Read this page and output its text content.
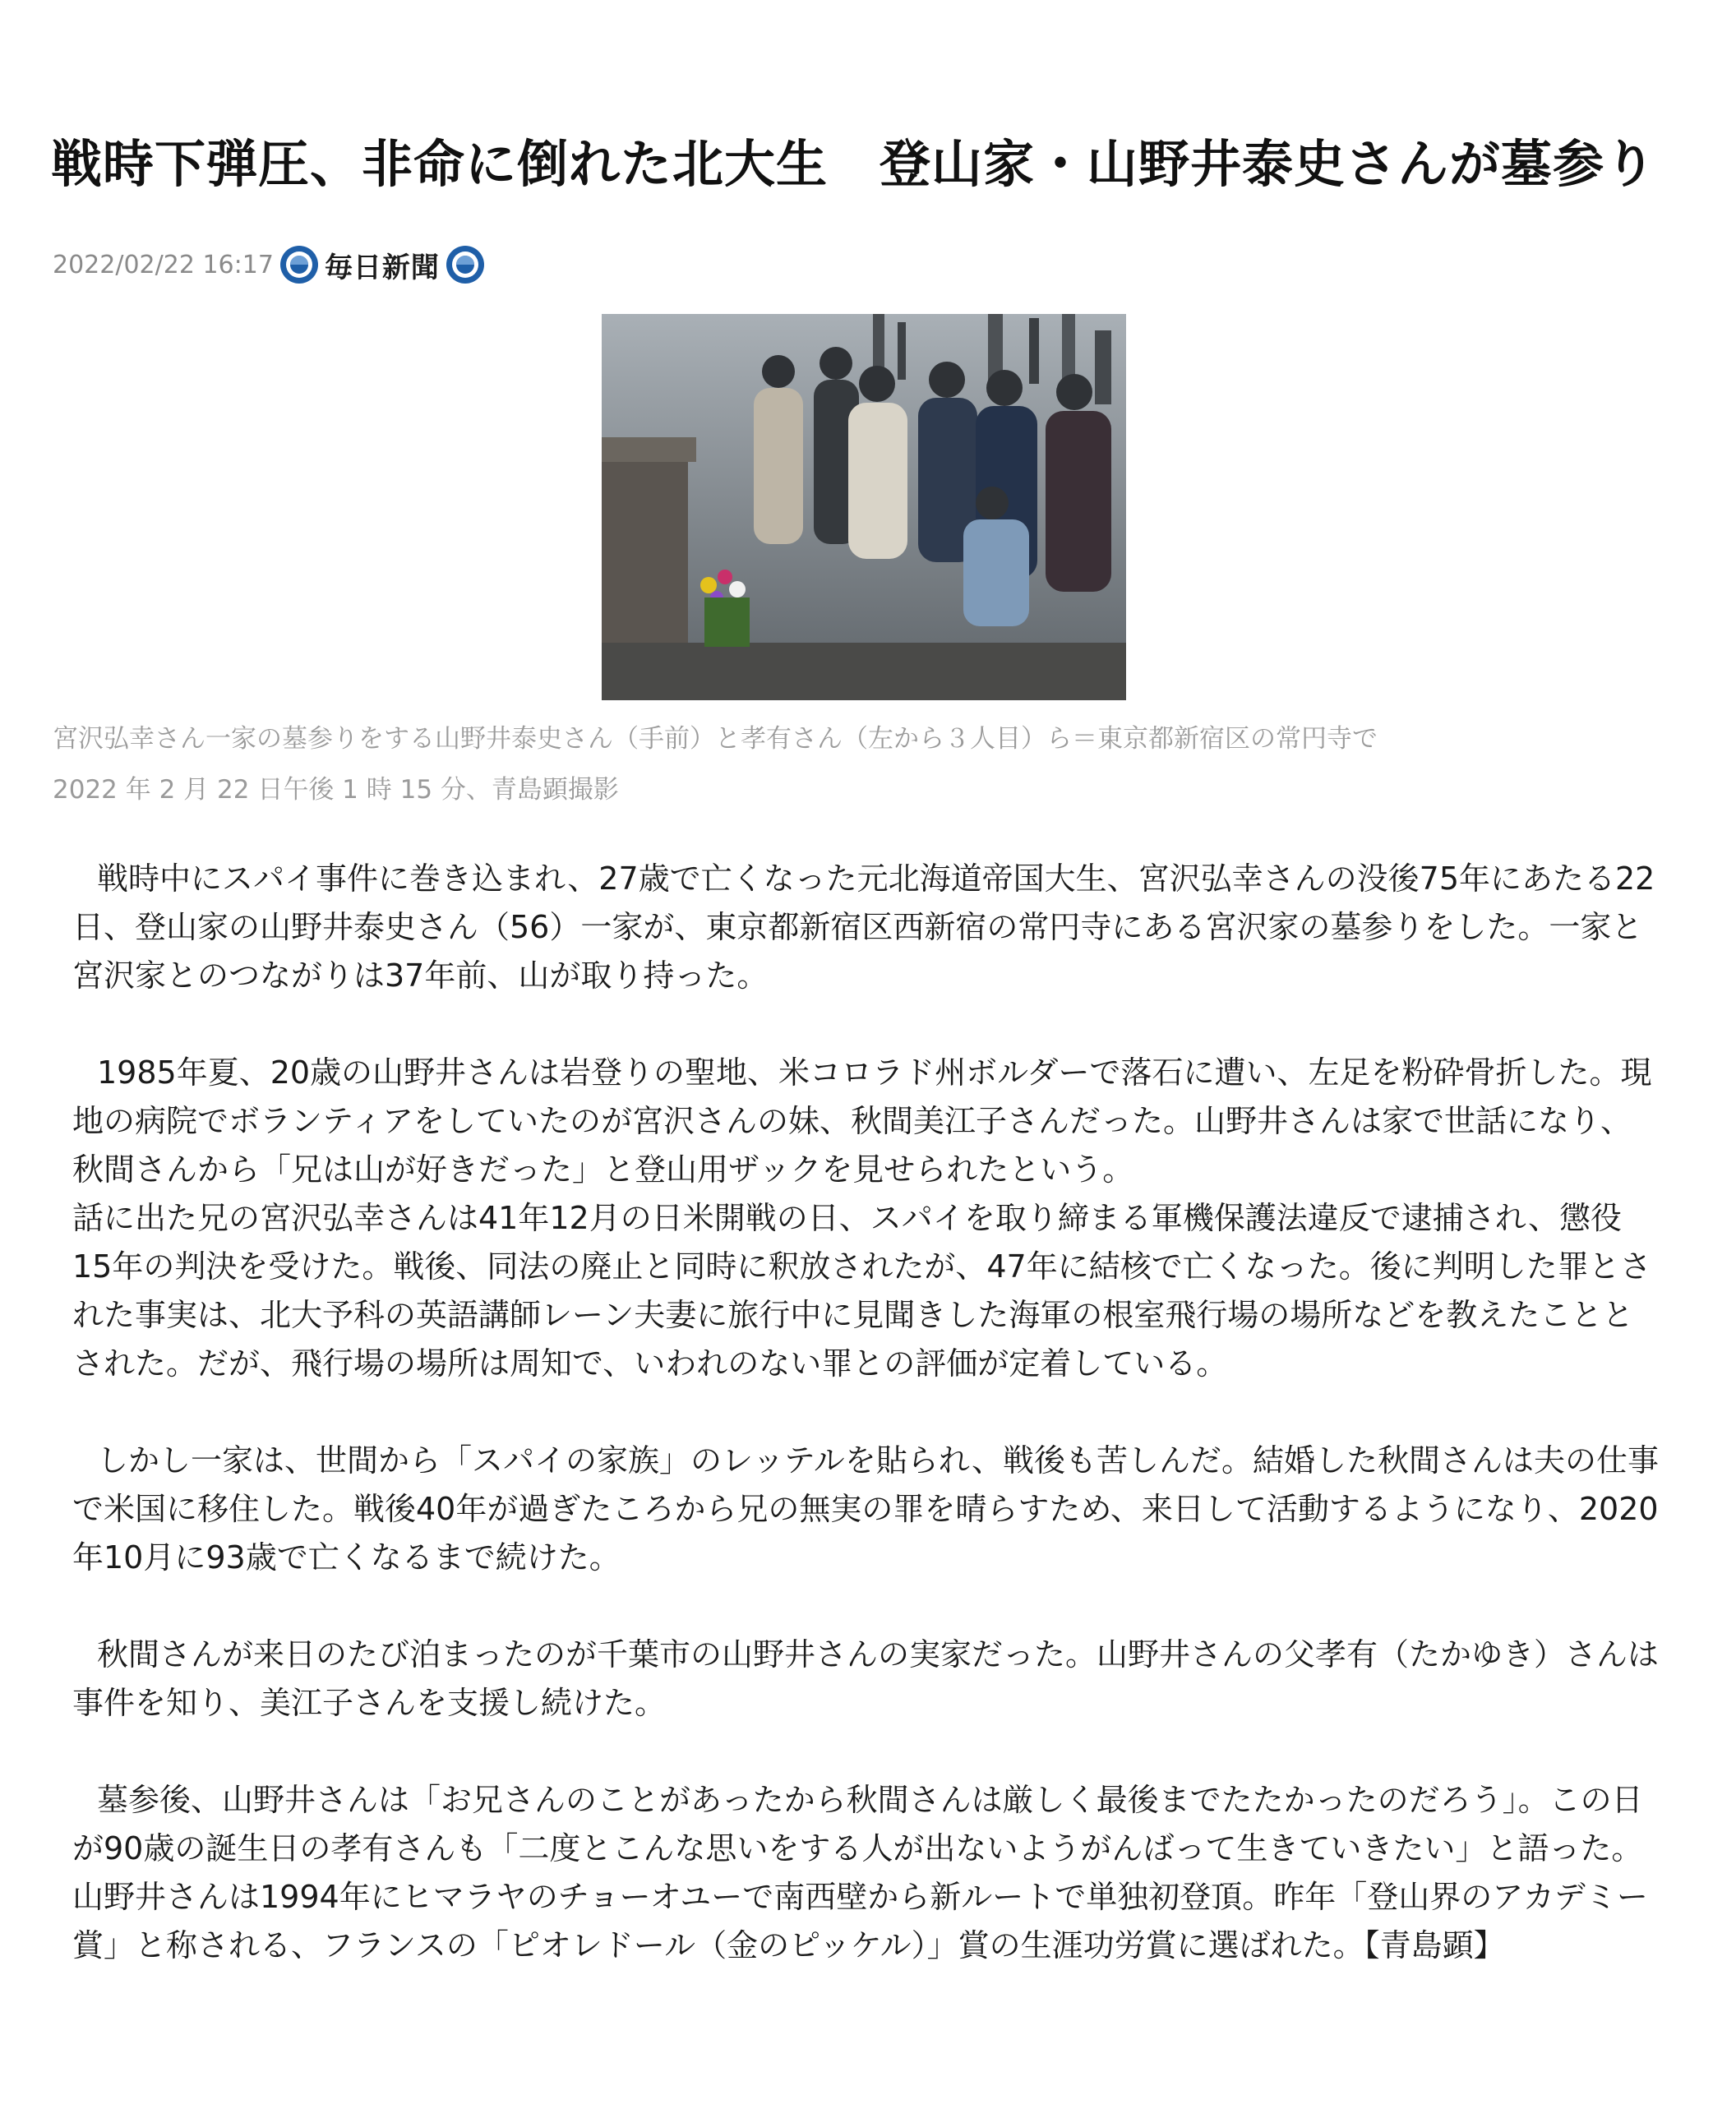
戦時下弾圧、非命に倒れた北大生　登山家・山野井泰史さんが墓参り
2022/02/22 16:17 毎日新聞

宮沢弘幸さん一家の墓参りをする山野井泰史さん（手前）と孝有さん（左から３人目）ら＝東京都新宿区の常円寺で

2022 年 2 月 22 日午後 1 時 15 分、青島顕撮影

戦時中にスパイ事件に巻き込まれ、27歳で亡くなった元北海道帝国大生、宮沢弘幸さんの没後75年にあたる22日、登山家の山野井泰史さん（56）一家が、東京都新宿区西新宿の常円寺にある宮沢家の墓参りをした。一家と宮沢家とのつながりは37年前、山が取り持った。

1985年夏、20歳の山野井さんは岩登りの聖地、米コロラド州ボルダーで落石に遭い、左足を粉砕骨折した。現地の病院でボランティアをしていたのが宮沢さんの妹、秋間美江子さんだった。山野井さんは家で世話になり、秋間さんから「兄は山が好きだった」と登山用ザックを見せられたという。

話に出た兄の宮沢弘幸さんは41年12月の日米開戦の日、スパイを取り締まる軍機保護法違反で逮捕され、懲役15年の判決を受けた。戦後、同法の廃止と同時に釈放されたが、47年に結核で亡くなった。後に判明した罪とされた事実は、北大予科の英語講師レーン夫妻に旅行中に見聞きした海軍の根室飛行場の場所などを教えたこととされた。だが、飛行場の場所は周知で、いわれのない罪との評価が定着している。

しかし一家は、世間から「スパイの家族」のレッテルを貼られ、戦後も苦しんだ。結婚した秋間さんは夫の仕事で米国に移住した。戦後40年が過ぎたころから兄の無実の罪を晴らすため、来日して活動するようになり、2020年10月に93歳で亡くなるまで続けた。

秋間さんが来日のたび泊まったのが千葉市の山野井さんの実家だった。山野井さんの父孝有（たかゆき）さんは事件を知り、美江子さんを支援し続けた。

墓参後、山野井さんは「お兄さんのことがあったから秋間さんは厳しく最後までたたかったのだろう」。この日が90歳の誕生日の孝有さんも「二度とこんな思いをする人が出ないようがんばって生きていきたい」と語った。　山野井さんは1994年にヒマラヤのチョーオユーで南西壁から新ルートで単独初登頂。昨年「登山界のアカデミー賞」と称される、フランスの「ピオレドール（金のピッケル）」賞の生涯功労賞に選ばれた。【青島顕】
